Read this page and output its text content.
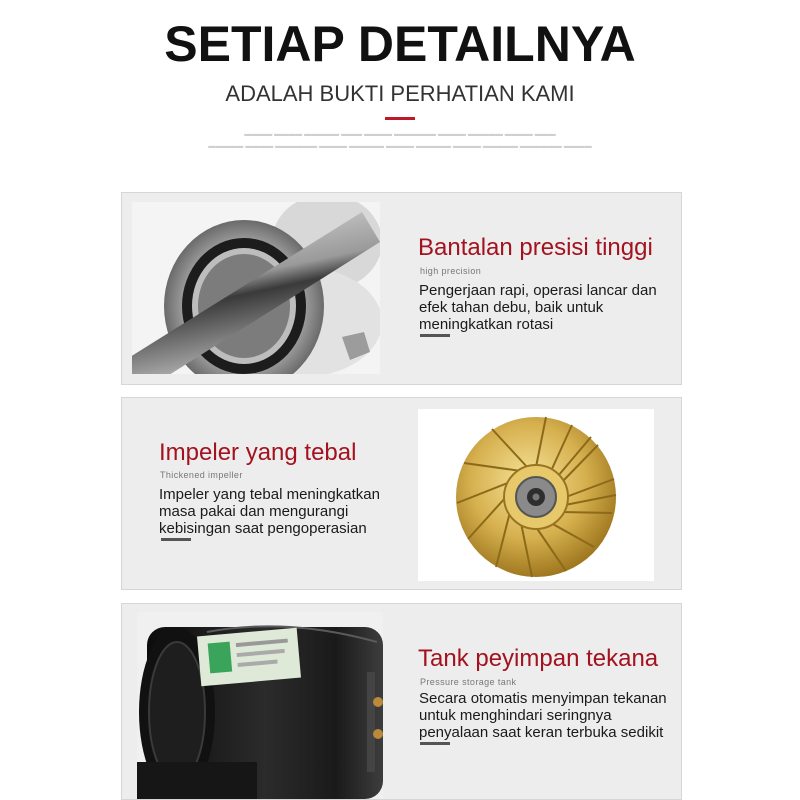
SETIAP DETAILNYA
ADALAH BUKTI PERHATIAN KAMI
▬▬▬▬ ▬▬▬▬ ▬▬▬▬▬ ▬▬▬ ▬▬▬▬ ▬▬▬▬▬▬ ▬▬▬▬ ▬▬▬▬▬ ▬▬▬▬ ▬▬▬
▬▬▬▬▬ ▬▬▬▬ ▬▬▬▬▬▬ ▬▬▬▬ ▬▬▬▬▬ ▬▬▬▬ ▬▬▬▬▬ ▬▬▬▬ ▬▬▬▬▬ ▬▬▬▬▬▬ ▬▬▬▬
Bantalan presisi tinggi
high precision
Pengerjaan rapi, operasi lancar dan efek tahan debu, baik untuk meningkatkan rotasi
Impeler yang tebal
Thickened impeller
Impeler yang tebal meningkatkan masa pakai dan mengurangi kebisingan saat pengoperasian
Tank peyimpan tekana
Pressure storage tank
Secara otomatis menyimpan tekanan untuk menghindari seringnya penyalaan saat keran terbuka sedikit
